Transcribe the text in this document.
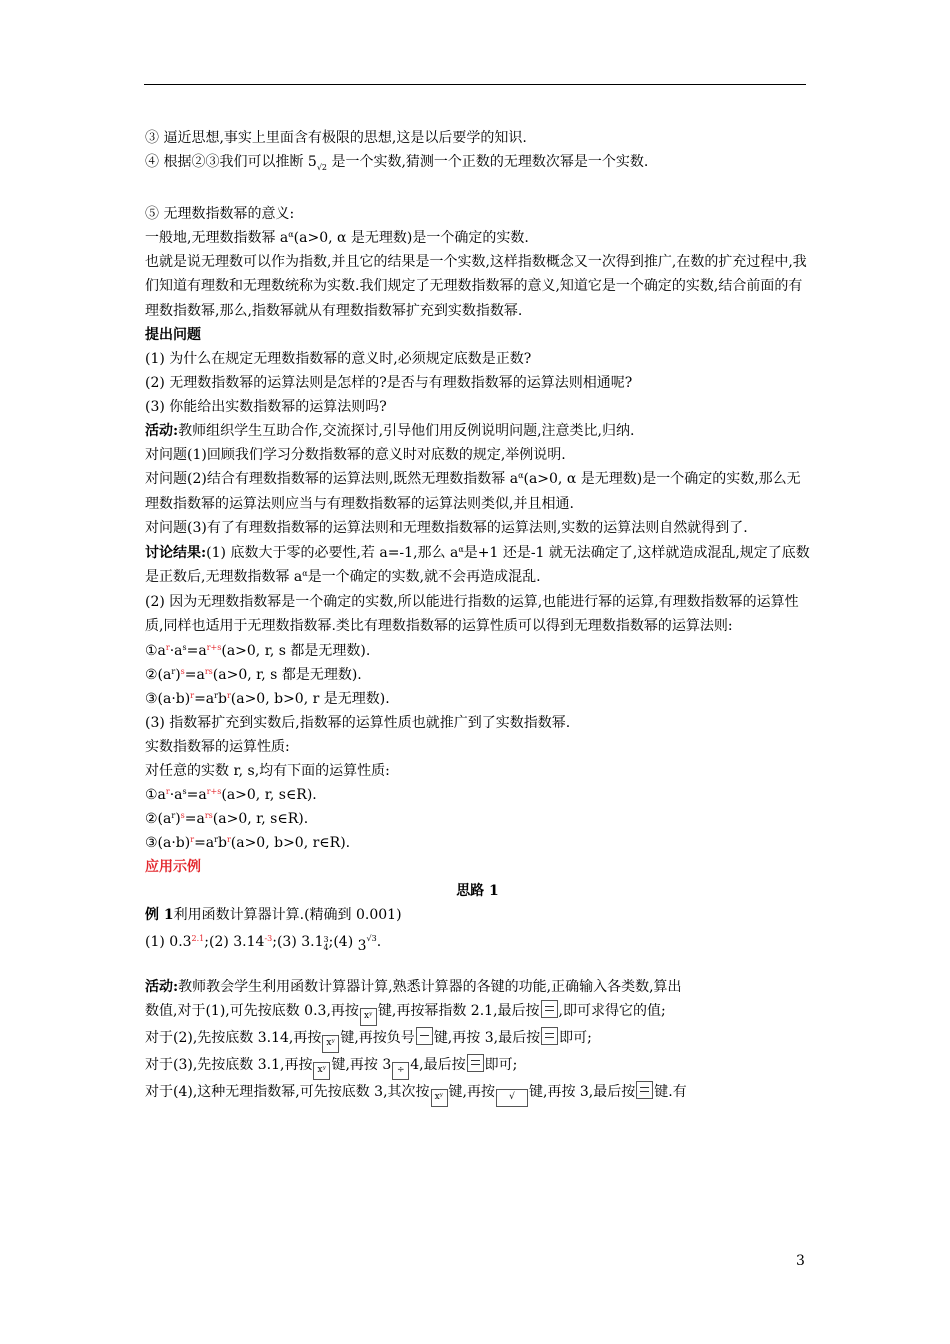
③ 逼近思想,事实上里面含有极限的思想,这是以后要学的知识.
④ 根据②③我们可以推断 $5_{√2}$ 是一个实数,猜测一个正数的无理数次幂是一个实数.
⑤ 无理数指数幂的意义:
一般地,无理数指数幂 $a^\alpha(a>0$, α 是无理数)是一个确定的实数.
也就是说无理数可以作为指数,并且它的结果是一个实数,这样指数概念又一次得到推广,在数的扩充过程中,我们知道有理数和无理数统称为实数.我们规定了无理数指数幂的意义,知道它是一个确定的实数,结合前面的有理数指数幂,那么,指数幂就从有理数指数幂扩充到实数指数幂.
提出问题
(1) 为什么在规定无理数指数幂的意义时,必须规定底数是正数?
(2) 无理数指数幂的运算法则是怎样的?是否与有理数指数幂的运算法则相通呢?
(3) 你能给出实数指数幂的运算法则吗?
活动:教师组织学生互助合作,交流探讨,引导他们用反例说明问题,注意类比,归纳.
对问题(1)回顾我们学习分数指数幂的意义时对底数的规定,举例说明.
对问题(2)结合有理数指数幂的运算法则,既然无理数指数幂 $a^\alpha(a>0$, α 是无理数)是一个确定的实数,那么无理数指数幂的运算法则应当与有理数指数幂的运算法则类似,并且相通.
对问题(3)有了有理数指数幂的运算法则和无理数指数幂的运算法则,实数的运算法则自然就得到了.
讨论结果:(1) 底数大于零的必要性,若 a=-1,那么 $a^\alpha$是+1 还是-1 就无法确定了,这样就造成混乱,规定了底数是正数后,无理数指数幂 $a^\alpha$是一个确定的实数,就不会再造成混乱.
(2) 因为无理数指数幂是一个确定的实数,所以能进行指数的运算,也能进行幂的运算,有理数指数幂的运算性质,同样也适用于无理数指数幂.类比有理数指数幂的运算性质可以得到无理数指数幂的运算法则:
$①a^r\cdot a^s=a^{r+s}(a>0$, r, s 都是无理数).
$②(a^r)^s=a^{rs}(a>0$, r, s 都是无理数).
$③(a\cdot b)^r=a^rb^r(a>0$, b>0, r 是无理数).
(3) 指数幂扩充到实数后,指数幂的运算性质也就推广到了实数指数幂.
实数指数幂的运算性质:
对任意的实数 r, s,均有下面的运算性质:
$①a^r\cdot a^s=a^{r+s}(a>0$, r, s∈R).
$②(a^r)^s=a^{rs}(a>0$, r, s∈R).
$③(a\cdot b)^r=a^rb^r(a>0$, b>0, r∈R).
应用示例
思路 1
例 1利用函数计算器计算.(精确到 0.001)
(1) $0.3^{2.1};(2)$ $3.14^{-3};(3)$ 3.13
4;(4) $3^{√3}$.
活动:教师教会学生利用函数计算器计算,熟悉计算器的各键的功能,正确输入各类数,算出
数值,对于(1),可先按底数 0.3,再按 xʸ 键,再按幂指数 2.1,最后按 ,即可求得它的值;
对于(2),先按底数 3.14,再按 xʸ 键,再按负号 键,再按 3,最后按 即可;
对于(3),先按底数 3.1,再按 xʸ 键,再按 3 ÷ 4,最后按 即可;
对于(4),这种无理指数幂,可先按底数 3,其次按 xʸ 键,再按 √ 键,再按 3,最后按 键.有
3
